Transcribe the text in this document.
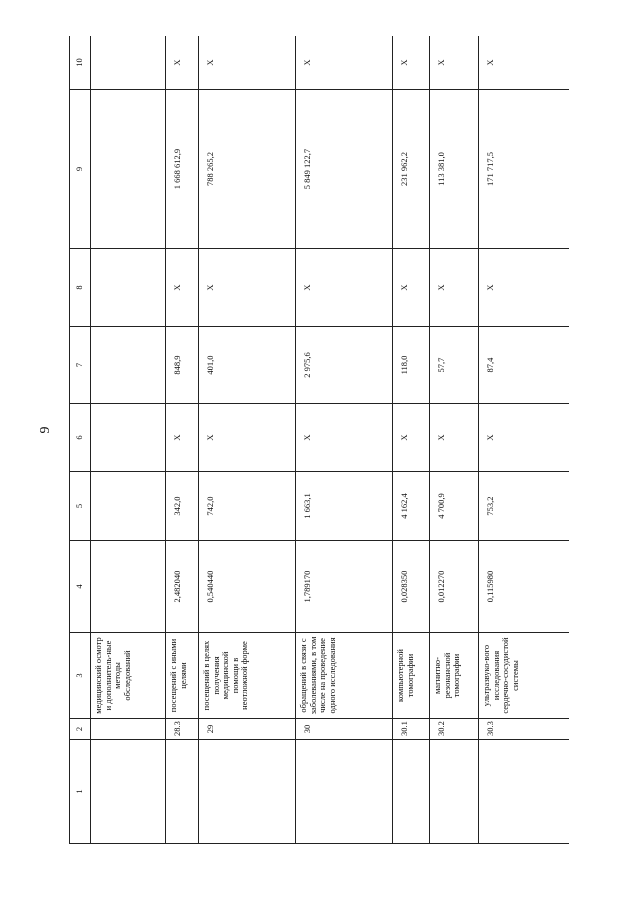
9
1	2	3	4	5	6	7	8	9	10

		медицинский осмотр и дополнитель-ные методы обследований							

	28.3	посещений с иными целями	2,482040	342,0	Х	848,9	Х	1 668 612,9	Х

	29	посещений в целях получения медицинской помощи в неотложной форме	0,540440	742,0	Х	401,0	Х	788 265,2	Х

	30	обращений в связи с заболеваниями, в том числе на проведение одного исследования	1,789170	1 663,1	Х	2 975,6	Х	5 849 122,7	Х

	30.1	компьютерной томографии	0,028350	4 162,4	Х	118,0	Х	231 962,2	Х

	30.2	магнитно-резонансной томографии	0,012270	4 700,9	Х	57,7	Х	113 381,0	Х

	30.3	ультразвуко-вого исследования сердечно-сосудистой системы	0,115980	753,2	Х	87,4	Х	171 717,5	Х
